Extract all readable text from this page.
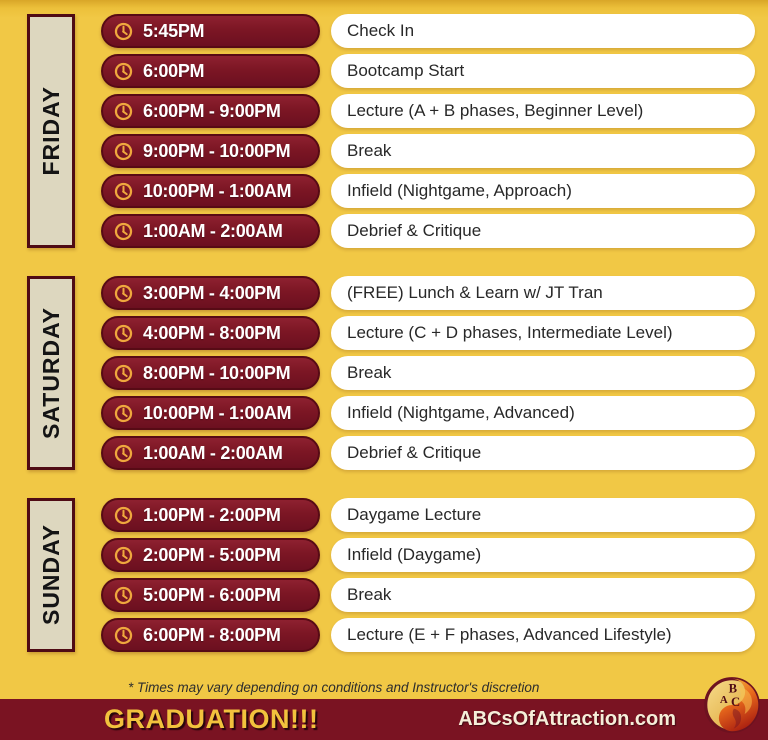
FRIDAY
5:45PM	Check In
6:00PM	Bootcamp Start
6:00PM - 9:00PM	Lecture (A + B phases, Beginner Level)
9:00PM - 10:00PM	Break
10:00PM - 1:00AM	Infield (Nightgame, Approach)
1:00AM - 2:00AM	Debrief & Critique
SATURDAY
3:00PM - 4:00PM	(FREE) Lunch & Learn w/ JT Tran
4:00PM - 8:00PM	Lecture (C + D phases, Intermediate Level)
8:00PM - 10:00PM	Break
10:00PM - 1:00AM	Infield (Nightgame, Advanced)
1:00AM - 2:00AM	Debrief & Critique
SUNDAY
1:00PM - 2:00PM	Daygame Lecture
2:00PM - 5:00PM	Infield (Daygame)
5:00PM - 6:00PM	Break
6:00PM - 8:00PM	Lecture (E + F phases, Advanced Lifestyle)
* Times may vary depending on conditions and Instructor's discretion
GRADUATION!!!	ABCsOfAttraction.com
B
A C
